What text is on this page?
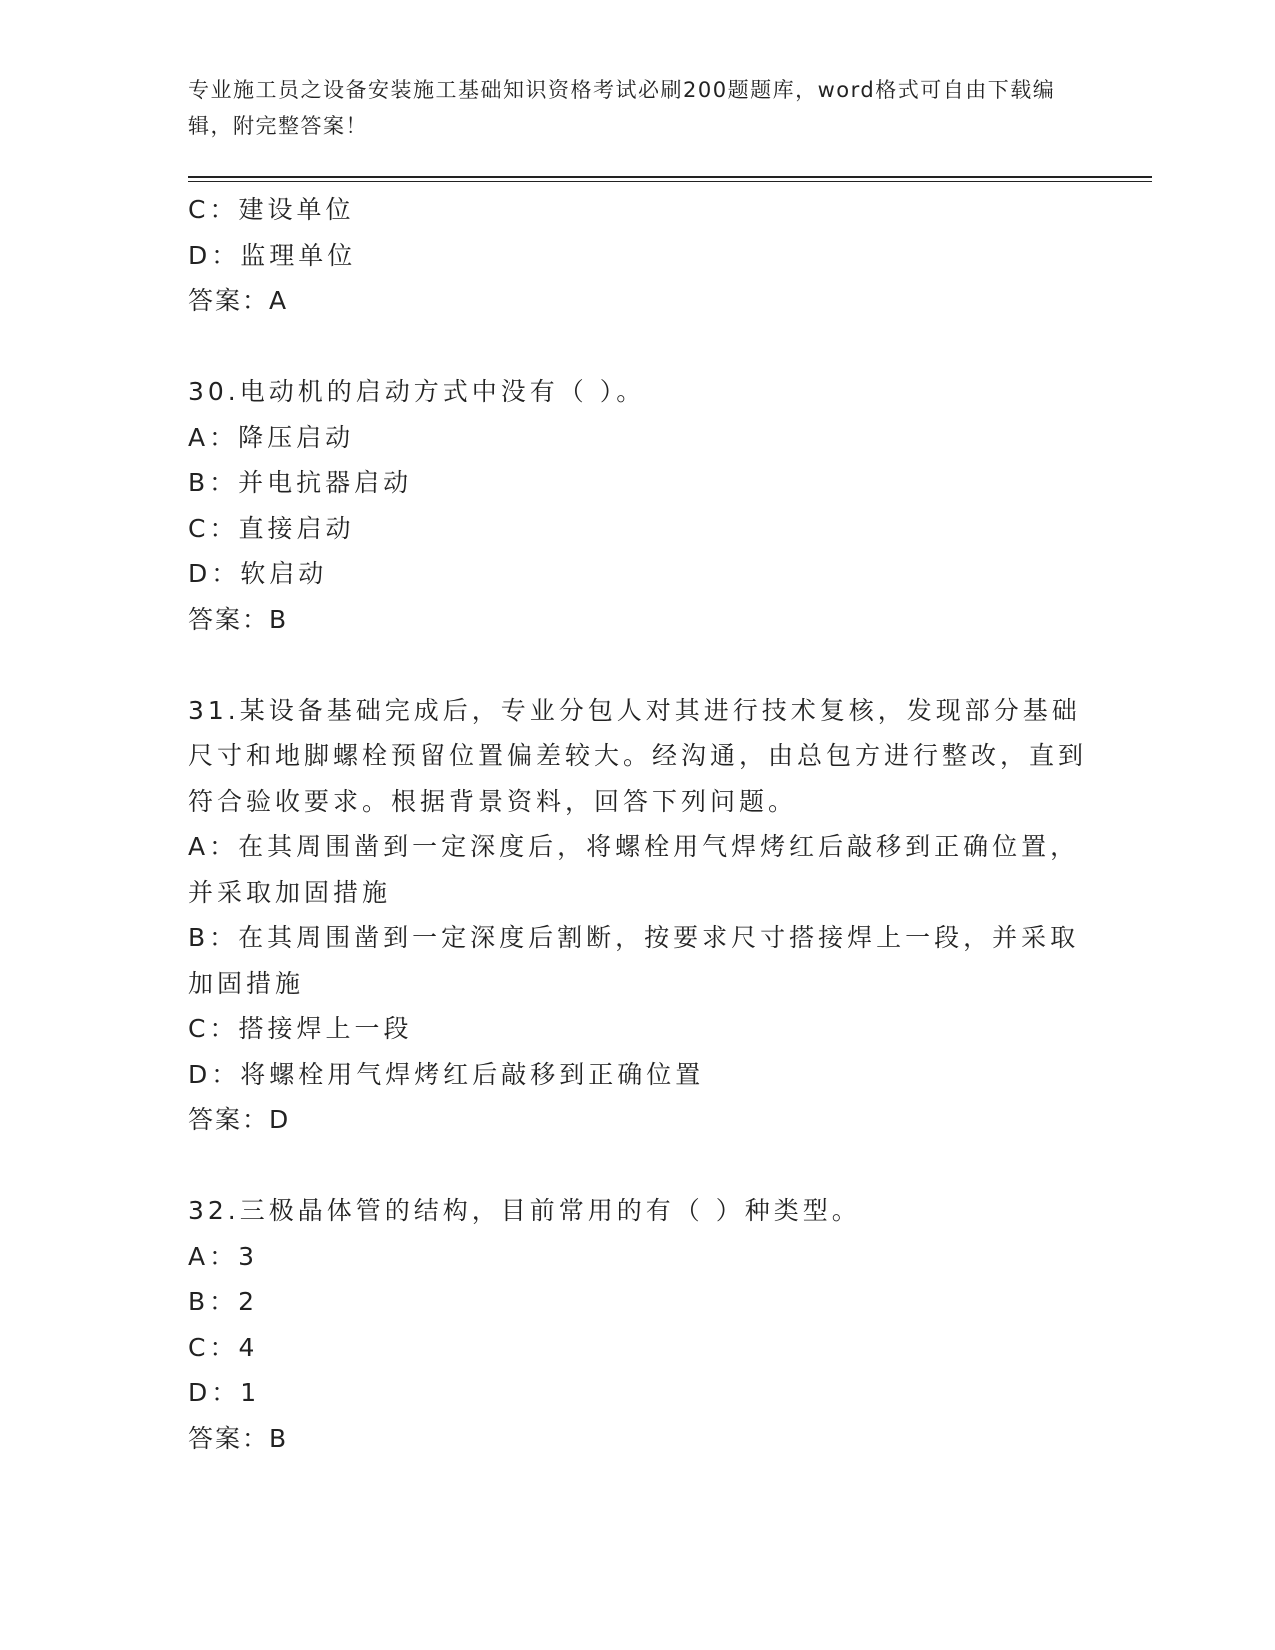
专业施工员之设备安装施工基础知识资格考试必刷200题题库，word格式可自由下载编辑，附完整答案！
C：建设单位
D：监理单位
答案：A
30.电动机的启动方式中没有（ ）。
A：降压启动
B：并电抗器启动
C：直接启动
D：软启动
答案：B
31.某设备基础完成后，专业分包人对其进行技术复核，发现部分基础尺寸和地脚螺栓预留位置偏差较大。经沟通，由总包方进行整改，直到符合验收要求。根据背景资料，回答下列问题。
A：在其周围凿到一定深度后，将螺栓用气焊烤红后敲移到正确位置，并采取加固措施
B：在其周围凿到一定深度后割断，按要求尺寸搭接焊上一段，并采取加固措施
C：搭接焊上一段
D：将螺栓用气焊烤红后敲移到正确位置
答案：D
32.三极晶体管的结构，目前常用的有（ ）种类型。
A：3
B：2
C：4
D：1
答案：B
